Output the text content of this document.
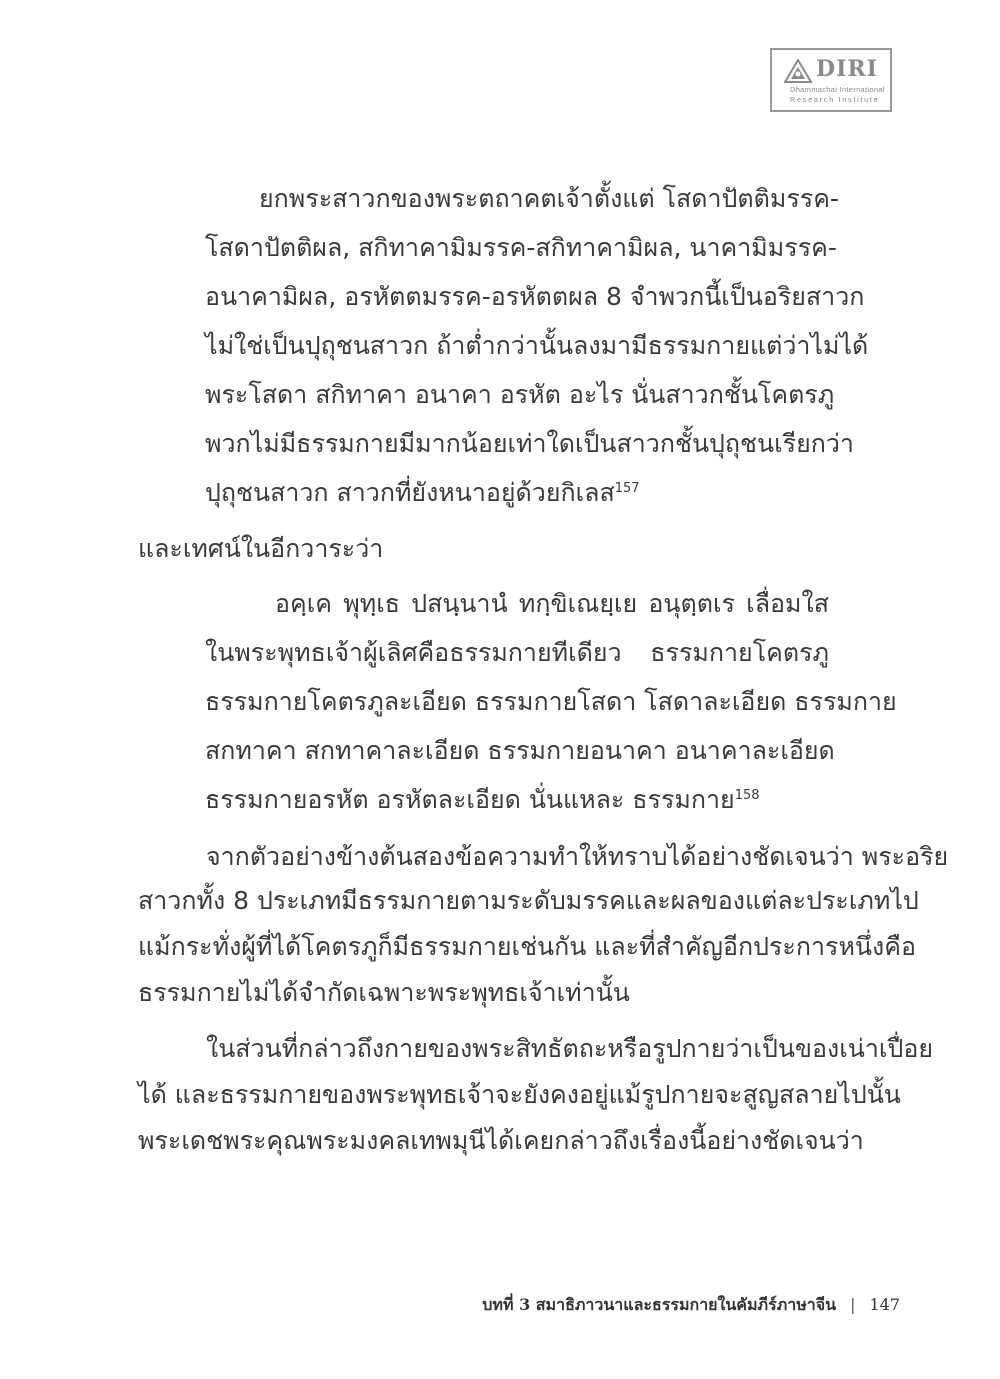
DIRI
Dhammachai International
Research Institute
ยกพระสาวกของพระตถาคตเจ้าตั้งแต่ โสดาปัตติมรรค-
โสดาปัตติผล, สกิทาคามิมรรค-สกิทาคามิผล, นาคามิมรรค-
อนาคามิผล, อรหัตตมรรค-อรหัตตผล 8 จำพวกนี้เป็นอริยสาวก
ไม่ใช่เป็นปุถุชนสาวก ถ้าต่ำกว่านั้นลงมามีธรรมกายแต่ว่าไม่ได้
พระโสดา สกิทาคา อนาคา อรหัต อะไร นั่นสาวกชั้นโคตรภู
พวกไม่มีธรรมกายมีมากน้อยเท่าใดเป็นสาวกชั้นปุถุชนเรียกว่า
ปุถุชนสาวก สาวกที่ยังหนาอยู่ด้วยกิเลส$^{157}$
และเทศน์ในอีกวาระว่า
อคฺเค พุทฺเธ ปสนฺนานํ ทกฺขิเณยฺเย อนุตฺตเร เลื่อมใส
ในพระพุทธเจ้าผู้เลิศคือธรรมกายทีเดียว ธรรมกายโคตรภู
ธรรมกายโคตรภูละเอียด ธรรมกายโสดา โสดาละเอียด ธรรมกาย
สกทาคา สกทาคาละเอียด ธรรมกายอนาคา อนาคาละเอียด
ธรรมกายอรหัต อรหัตละเอียด นั่นแหละ ธรรมกาย$^{158}$
จากตัวอย่างข้างต้นสองข้อความทำให้ทราบได้อย่างชัดเจนว่า พระอริย
สาวกทั้ง 8 ประเภทมีธรรมกายตามระดับมรรคและผลของแต่ละประเภทไป
แม้กระทั่งผู้ที่ได้โคตรภูก็มีธรรมกายเช่นกัน และที่สำคัญอีกประการหนึ่งคือ
ธรรมกายไม่ได้จำกัดเฉพาะพระพุทธเจ้าเท่านั้น
ในส่วนที่กล่าวถึงกายของพระสิทธัตถะหรือรูปกายว่าเป็นของเน่าเปื่อย
ได้ และธรรมกายของพระพุทธเจ้าจะยังคงอยู่แม้รูปกายจะสูญสลายไปนั้น
พระเดชพระคุณพระมงคลเทพมุนีได้เคยกล่าวถึงเรื่องนี้อย่างชัดเจนว่า
บทที่ 3 สมาธิภาวนาและธรรมกายในคัมภีร์ภาษาจีน | 147
